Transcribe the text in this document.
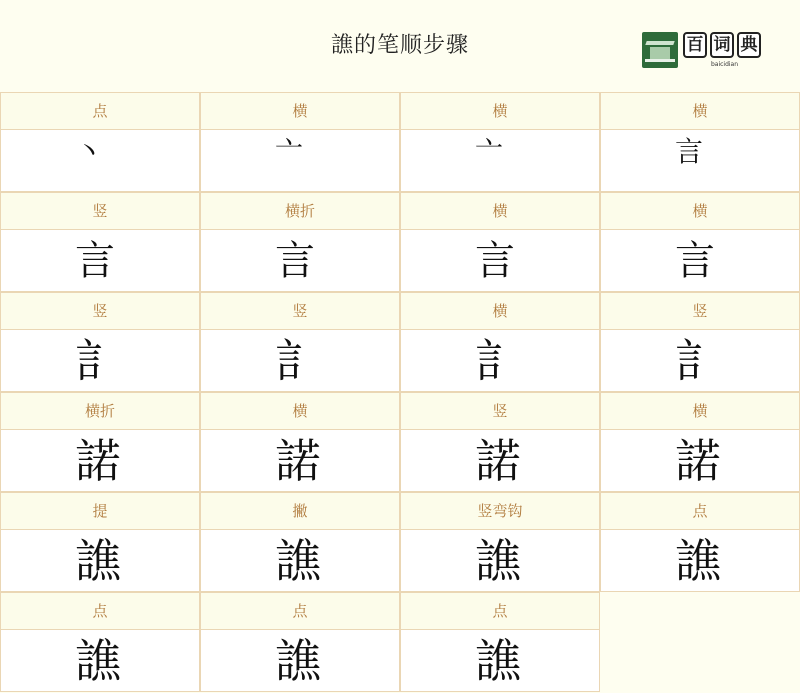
譙的笔顺步骤	百 词 典
baicidian
点
丶
横
亠
横
亠
横
言
竖
言
横折
言
横
言
横
言
竖
訁
竖
訁
横
訁
竖
訁
横折
諾
横
諾
竖
諾
横
諾
提
譙
撇
譙
竖弯钩
譙
点
譙
点
譙
点
譙
点
譙
